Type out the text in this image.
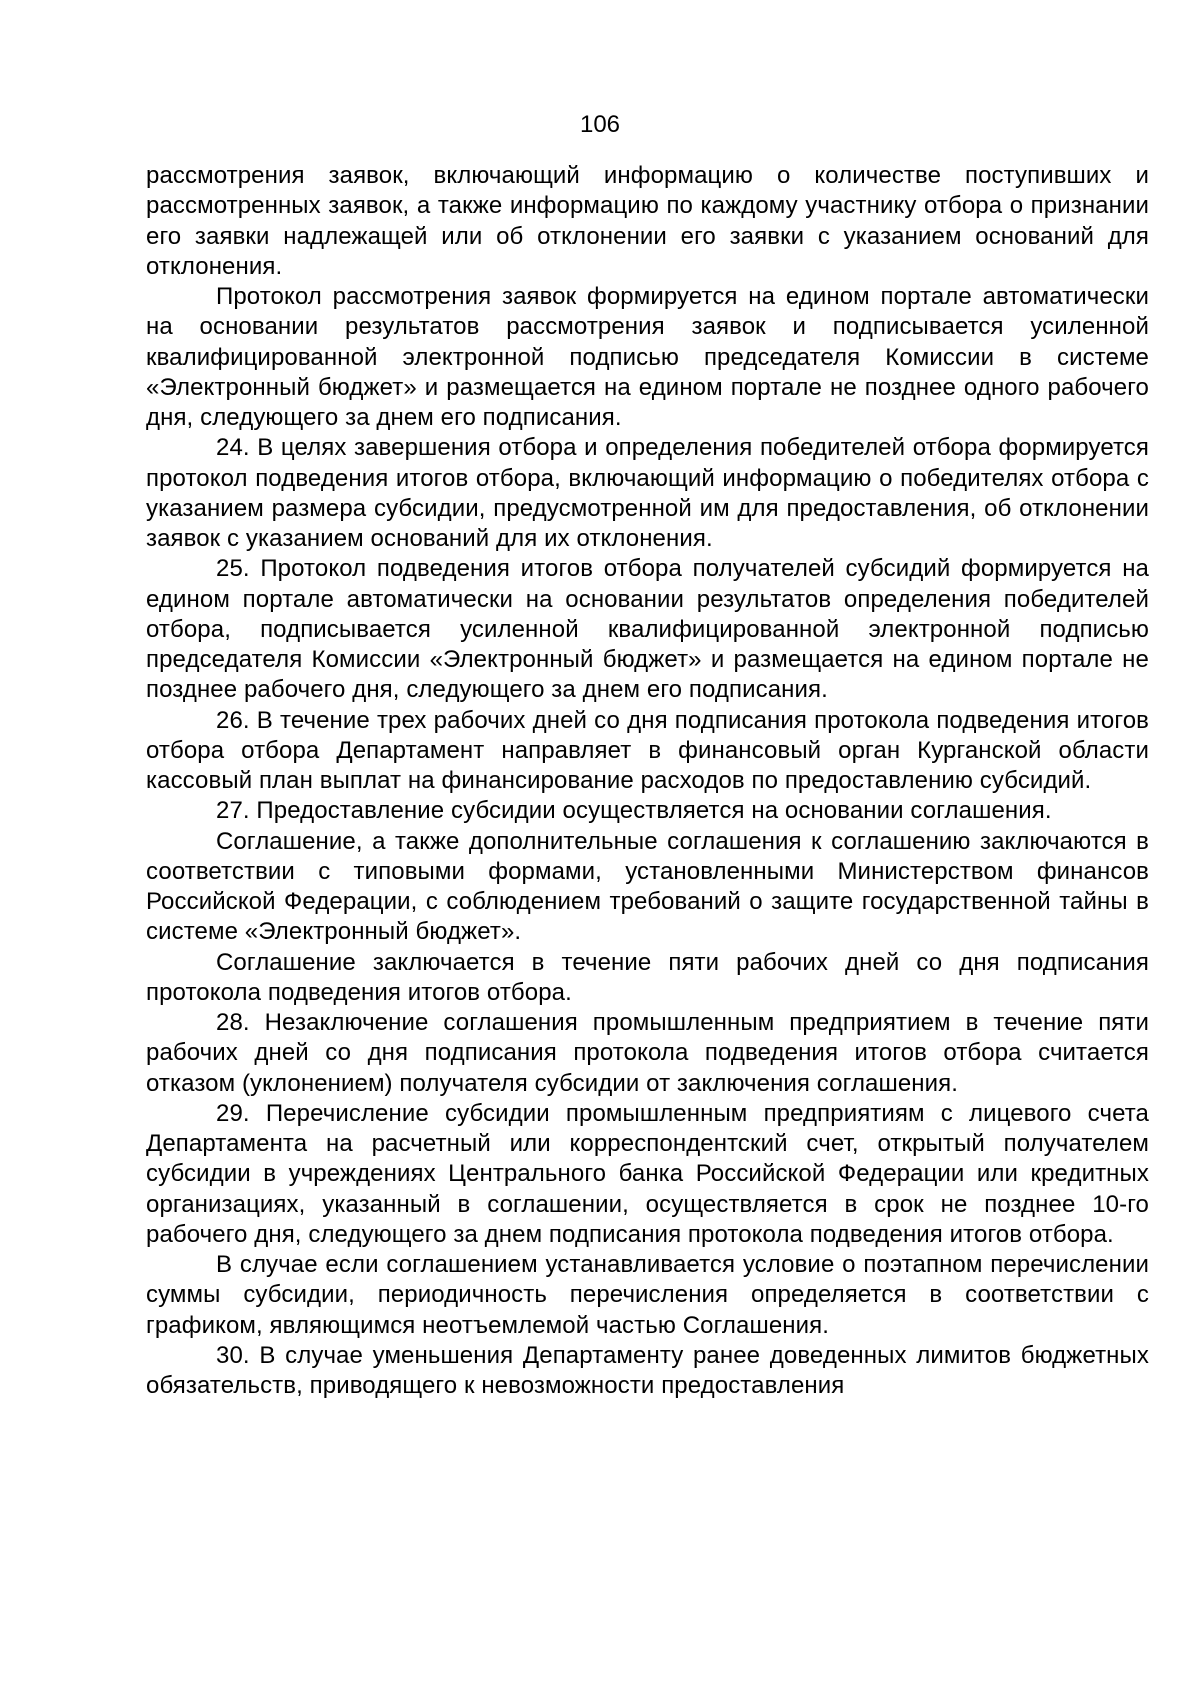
106

рассмотрения заявок, включающий информацию о количестве поступивших и рассмотренных заявок, а также информацию по каждому участнику отбора о признании его заявки надлежащей или об отклонении его заявки с указанием оснований для отклонения.

Протокол рассмотрения заявок формируется на едином портале автоматически на основании результатов рассмотрения заявок и подписывается усиленной квалифицированной электронной подписью председателя Комиссии в системе «Электронный бюджет» и размещается на едином портале не позднее одного рабочего дня, следующего за днем его подписания.

24. В целях завершения отбора и определения победителей отбора формируется протокол подведения итогов отбора, включающий информацию о победителях отбора с указанием размера субсидии, предусмотренной им для предоставления, об отклонении заявок с указанием оснований для их отклонения.

25. Протокол подведения итогов отбора получателей субсидий формируется на едином портале автоматически на основании результатов определения победителей отбора, подписывается усиленной квалифицированной электронной подписью председателя Комиссии «Электронный бюджет» и размещается на едином портале не позднее рабочего дня, следующего за днем его подписания.

26. В течение трех рабочих дней со дня подписания протокола подведения итогов отбора отбора Департамент направляет в финансовый орган Курганской области кассовый план выплат на финансирование расходов по предоставлению субсидий.

27. Предоставление субсидии осуществляется на основании соглашения.

Соглашение, а также дополнительные соглашения к соглашению заключаются в соответствии с типовыми формами, установленными Министерством финансов Российской Федерации, с соблюдением требований о защите государственной тайны в системе «Электронный бюджет».

Соглашение заключается в течение пяти рабочих дней со дня подписания протокола подведения итогов отбора.

28. Незаключение соглашения промышленным предприятием в течение пяти рабочих дней со дня подписания протокола подведения итогов отбора считается отказом (уклонением) получателя субсидии от заключения соглашения.

29. Перечисление субсидии промышленным предприятиям с лицевого счета Департамента на расчетный или корреспондентский счет, открытый получателем субсидии в учреждениях Центрального банка Российской Федерации или кредитных организациях, указанный в соглашении, осуществляется в срок не позднее 10-го рабочего дня, следующего за днем подписания протокола подведения итогов отбора.

В случае если соглашением устанавливается условие о поэтапном перечислении суммы субсидии, периодичность перечисления определяется в соответствии с графиком, являющимся неотъемлемой частью Соглашения.

30. В случае уменьшения Департаменту ранее доведенных лимитов бюджетных обязательств, приводящего к невозможности предоставления
